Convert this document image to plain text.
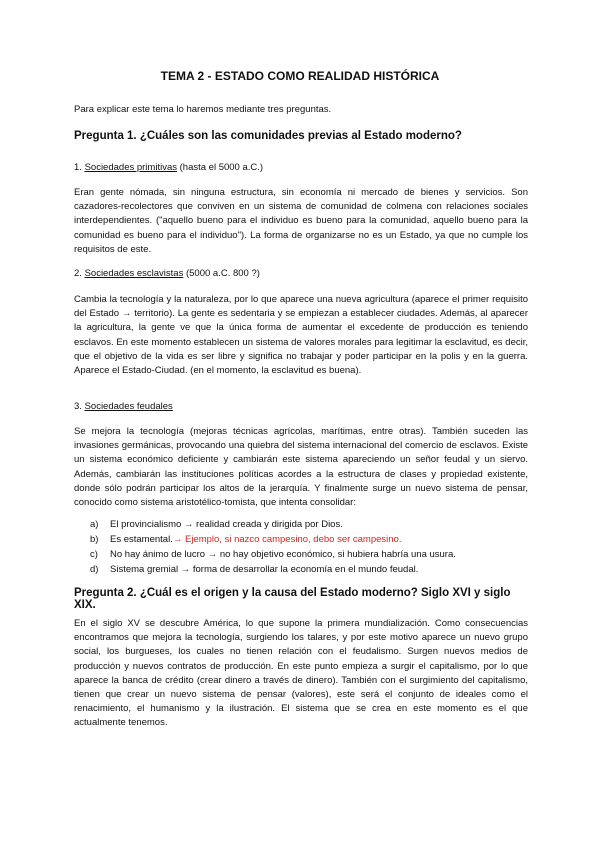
TEMA 2 - ESTADO COMO REALIDAD HISTÓRICA
Para explicar este tema lo haremos mediante tres preguntas.
Pregunta 1. ¿Cuáles son las comunidades previas al Estado moderno?
1. Sociedades primitivas (hasta el 5000 a.C.)
Eran gente nómada, sin ninguna estructura, sin economía ni mercado de bienes y servicios. Son cazadores-recolectores que conviven en un sistema de comunidad de colmena con relaciones sociales interdependientes. ("aquello bueno para el individuo es bueno para la comunidad, aquello bueno para la comunidad es bueno para el individuo"). La forma de organizarse no es un Estado, ya que no cumple los requisitos de este.
2. Sociedades esclavistas (5000 a.C. 800 ?)
Cambia la tecnología y la naturaleza, por lo que aparece una nueva agricultura (aparece el primer requisito del Estado → territorio). La gente es sedentaria y se empiezan a establecer ciudades. Además, al aparecer la agricultura, la gente ve que la única forma de aumentar el excedente de producción es teniendo esclavos. En este momento establecen un sistema de valores morales para legitimar la esclavitud, es decir, que el objetivo de la vida es ser libre y significa no trabajar y poder participar en la polis y en la guerra. Aparece el Estado-Ciudad. (en el momento, la esclavitud es buena).
3. Sociedades feudales
Se mejora la tecnología (mejoras técnicas agrícolas, marítimas, entre otras). También suceden las invasiones germánicas, provocando una quiebra del sistema internacional del comercio de esclavos. Existe un sistema económico deficiente y cambiarán este sistema apareciendo un señor feudal y un siervo. Además, cambiarán las instituciones políticas acordes a la estructura de clases y propiedad existente, donde sólo podrán participar los altos de la jerarquía. Y finalmente surge un nuevo sistema de pensar, conocido como sistema aristotélico-tomista, que intenta consolidar:
a) El provincialismo → realidad creada y dirigida por Dios.
b) Es estamental.→ Ejemplo, si nazco campesino, debo ser campesino.
c) No hay ánimo de lucro → no hay objetivo económico, si hubiera habría una usura.
d) Sistema gremial → forma de desarrollar la economía en el mundo feudal.
Pregunta 2. ¿Cuál es el origen y la causa del Estado moderno? Siglo XVI y siglo XIX.
En el siglo XV se descubre América, lo que supone la primera mundialización. Como consecuencias encontramos que mejora la tecnología, surgiendo los talares, y por este motivo aparece un nuevo grupo social, los burgueses, los cuales no tienen relación con el feudalismo. Surgen nuevos medios de producción y nuevos contratos de producción. En este punto empieza a surgir el capitalismo, por lo que aparece la banca de crédito (crear dinero a través de dinero). También con el surgimiento del capitalismo, tienen que crear un nuevo sistema de pensar (valores), este será el conjunto de ideales como el renacimiento, el humanismo y la ilustración. El sistema que se crea en este momento es el que actualmente tenemos.
